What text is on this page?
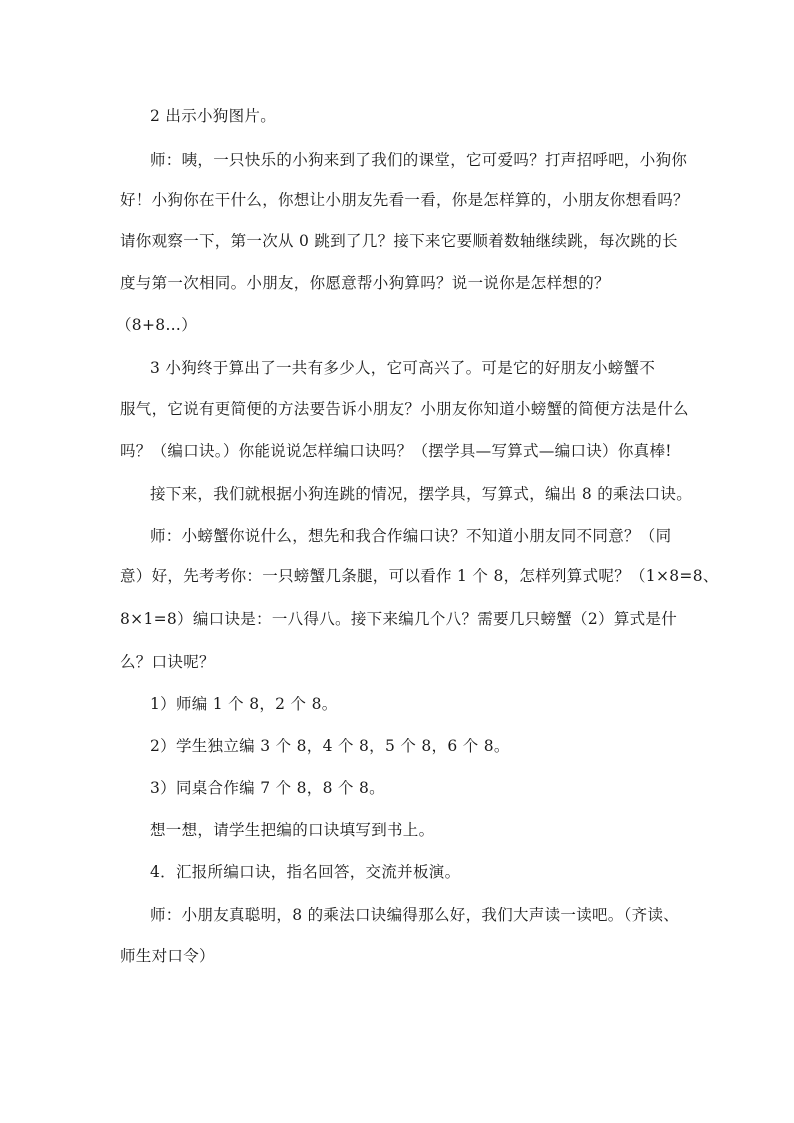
2 出示小狗图片。
师：咦，一只快乐的小狗来到了我们的课堂，它可爱吗？打声招呼吧，小狗你
好！小狗你在干什么，你想让小朋友先看一看，你是怎样算的，小朋友你想看吗？
请你观察一下，第一次从 0 跳到了几？接下来它要顺着数轴继续跳，每次跳的长
度与第一次相同。小朋友，你愿意帮小狗算吗？说一说你是怎样想的？
（8+8…）
3 小狗终于算出了一共有多少人，它可高兴了。可是它的好朋友小螃蟹不
服气，它说有更简便的方法要告诉小朋友？小朋友你知道小螃蟹的简便方法是什么
吗？（编口诀。）你能说说怎样编口诀吗？（摆学具—写算式—编口诀）你真棒!
接下来，我们就根据小狗连跳的情况，摆学具，写算式，编出 8 的乘法口诀。
师：小螃蟹你说什么，想先和我合作编口诀？不知道小朋友同不同意？（同
意）好，先考考你：一只螃蟹几条腿，可以看作 1 个 8，怎样列算式呢？（1×8=8、
8×1=8）编口诀是：一八得八。接下来编几个八？需要几只螃蟹（2）算式是什
么？口诀呢？
1）师编 1 个 8，2 个 8。
2）学生独立编 3 个 8，4 个 8，5 个 8，6 个 8。
3）同桌合作编 7 个 8，8 个 8。
想一想，请学生把编的口诀填写到书上。
4．汇报所编口诀，指名回答，交流并板演。
师：小朋友真聪明，8 的乘法口诀编得那么好，我们大声读一读吧。（齐读、
师生对口令）
